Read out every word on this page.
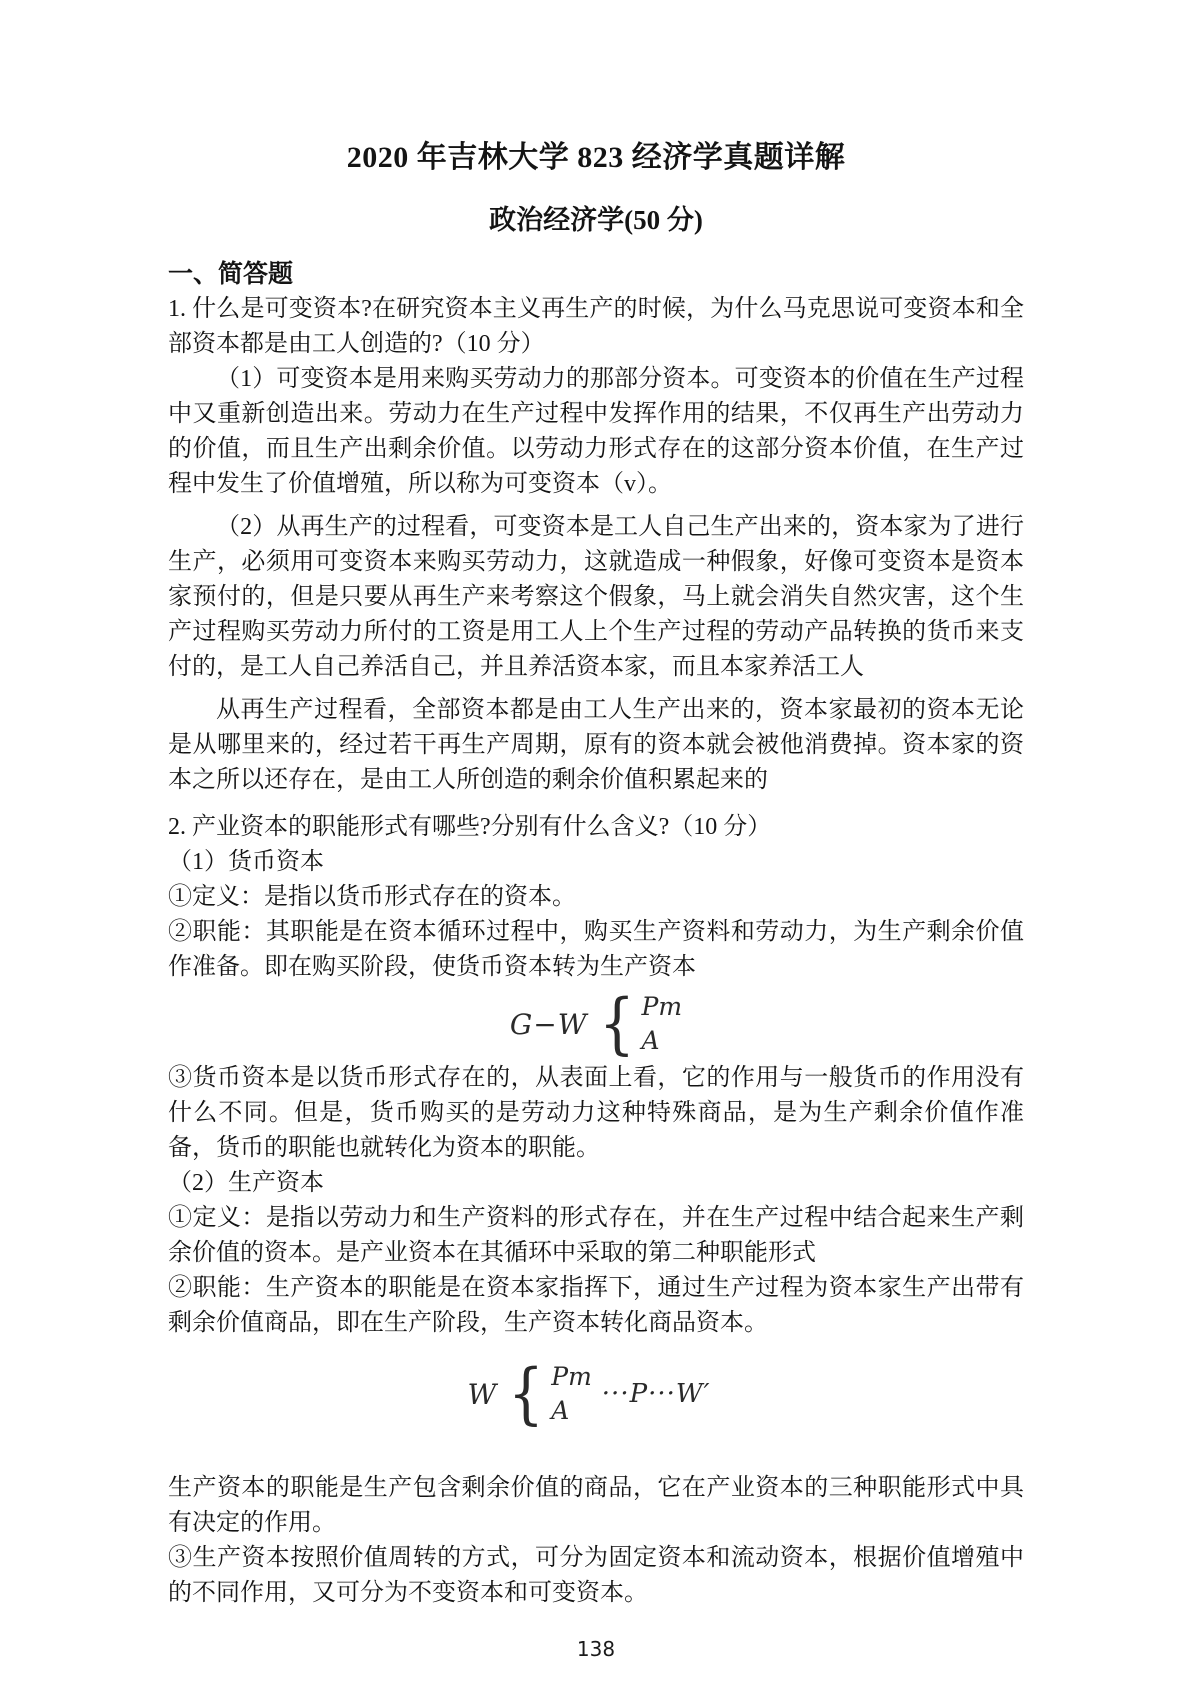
2020 年吉林大学 823 经济学真题详解
政治经济学(50 分)
一、简答题

1. 什么是可变资本?在研究资本主义再生产的时候，为什么马克思说可变资本和全部资本都是由工人创造的?（10 分）

（1）可变资本是用来购买劳动力的那部分资本。可变资本的价值在生产过程中又重新创造出来。劳动力在生产过程中发挥作用的结果，不仅再生产出劳动力的价值，而且生产出剩余价值。以劳动力形式存在的这部分资本价值，在生产过程中发生了价值增殖，所以称为可变资本（v）。

（2）从再生产的过程看，可变资本是工人自己生产出来的，资本家为了进行生产，必须用可变资本来购买劳动力，这就造成一种假象，好像可变资本是资本家预付的，但是只要从再生产来考察这个假象，马上就会消失自然灾害，这个生产过程购买劳动力所付的工资是用工人上个生产过程的劳动产品转换的货币来支付的，是工人自己养活自己，并且养活资本家，而且本家养活工人

从再生产过程看，全部资本都是由工人生产出来的，资本家最初的资本无论是从哪里来的，经过若干再生产周期，原有的资本就会被他消费掉。资本家的资本之所以还存在，是由工人所创造的剩余价值积累起来的

2. 产业资本的职能形式有哪些?分别有什么含义?（10 分）

（1）货币资本

①定义：是指以货币形式存在的资本。

②职能：其职能是在资本循环过程中，购买生产资料和劳动力，为生产剩余价值作准备。即在购买阶段，使货币资本转为生产资本

G−W { Pm
A

③货币资本是以货币形式存在的，从表面上看，它的作用与一般货币的作用没有什么不同。但是，货币购买的是劳动力这种特殊商品，是为生产剩余价值作准备，货币的职能也就转化为资本的职能。

（2）生产资本

①定义：是指以劳动力和生产资料的形式存在，并在生产过程中结合起来生产剩余价值的资本。是产业资本在其循环中采取的第二种职能形式

②职能：生产资本的职能是在资本家指挥下，通过生产过程为资本家生产出带有剩余价值商品，即在生产阶段，生产资本转化商品资本。

W { Pm
A
···P···W′

生产资本的职能是生产包含剩余价值的商品，它在产业资本的三种职能形式中具有决定的作用。

③生产资本按照价值周转的方式，可分为固定资本和流动资本，根据价值增殖中的不同作用，又可分为不变资本和可变资本。

138
